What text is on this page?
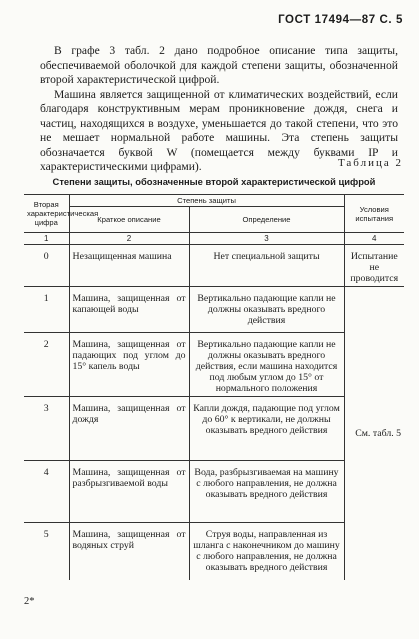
ГОСТ 17494—87 С. 5

В графе 3 табл. 2 дано подробное описание типа защиты, обеспечиваемой оболочкой для каждой степени защиты, обозначенной второй характеристической цифрой.

Машина является защищенной от климатических воздействий, если благодаря конструктивным мерам проникновение дождя, снега и частиц, находящихся в воздухе, уменьшается до такой степени, что это не мешает нормальной работе машины. Эта степень защиты обозначается буквой W (помещается между буквами IP и характеристическими цифрами).	Таблица 2
Степени защиты, обозначенные второй характеристической цифрой
Вторая характеристическая цифра	Степень защиты		Условия испытания
	Краткое описание	Определение	
1	2	3	4
0	Незащищенная машина	Нет специальной защиты	Испытание не проводится
1	Машина, защищенная от капающей воды	Вертикально падающие капли не должны оказывать вредного действия	См. табл. 5
2	Машина, защищенная от падающих под углом до 15° капель воды	Вертикально падающие капли не должны оказывать вредного действия, если машина находится под любым углом до 15° от нормального положения	
3	Машина, защищенная от дождя	Капли дождя, падающие под углом до 60° к вертикали, не должны оказывать вредного действия	
4	Машина, защищенная от разбрызгиваемой воды	Вода, разбрызгиваемая на машину с любого направления, не должна оказывать вредного действия	
5	Машина, защищенная от водяных струй	Струя воды, направленная из шланга с наконечником до машину с любого направления, не должна оказывать вредного действия	
2*
